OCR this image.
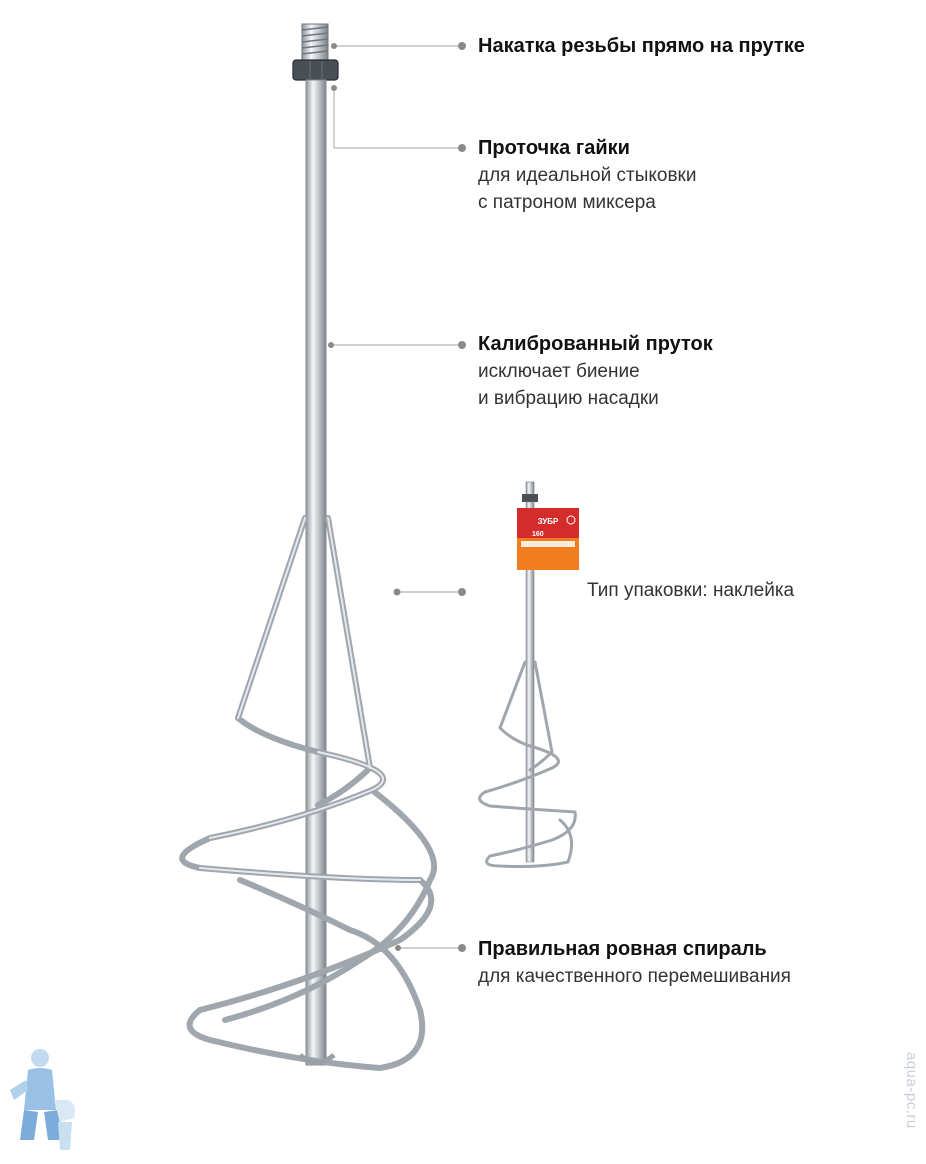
ЗУБР
160
Накатка резьбы прямо на прутке
Проточка гайки
для идеальной стыковки
с патроном миксера
Калиброванный пруток
исключает биение
и вибрацию насадки
Тип упаковки: наклейка
Правильная ровная спираль
для качественного перемешивания
aqua-pc.ru
